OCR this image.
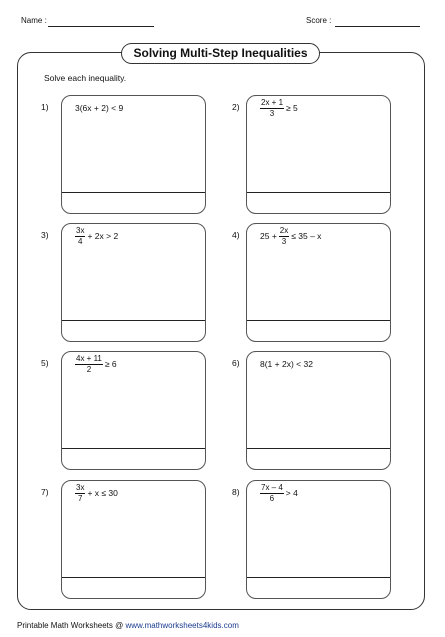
Name :	Score :
Solving Multi-Step Inequalities
Solve each inequality.
1)	3(6x + 2) < 9	2)	$\frac{2x + 1}{3} \ge 5$
3)	$\frac{3x}{4} + 2x > 2$	4) $25 + \frac{2x}{3} \le 35 - x$
5)	$\frac{4x + 11}{2} \ge 6$	6) 8(1 + 2x) < 32
7)	$\frac{3x}{7} + x \le 30$	8)	$\frac{7x - 4}{6} > 4$
Printable Math Worksheets @ www.mathworksheets4kids.com
